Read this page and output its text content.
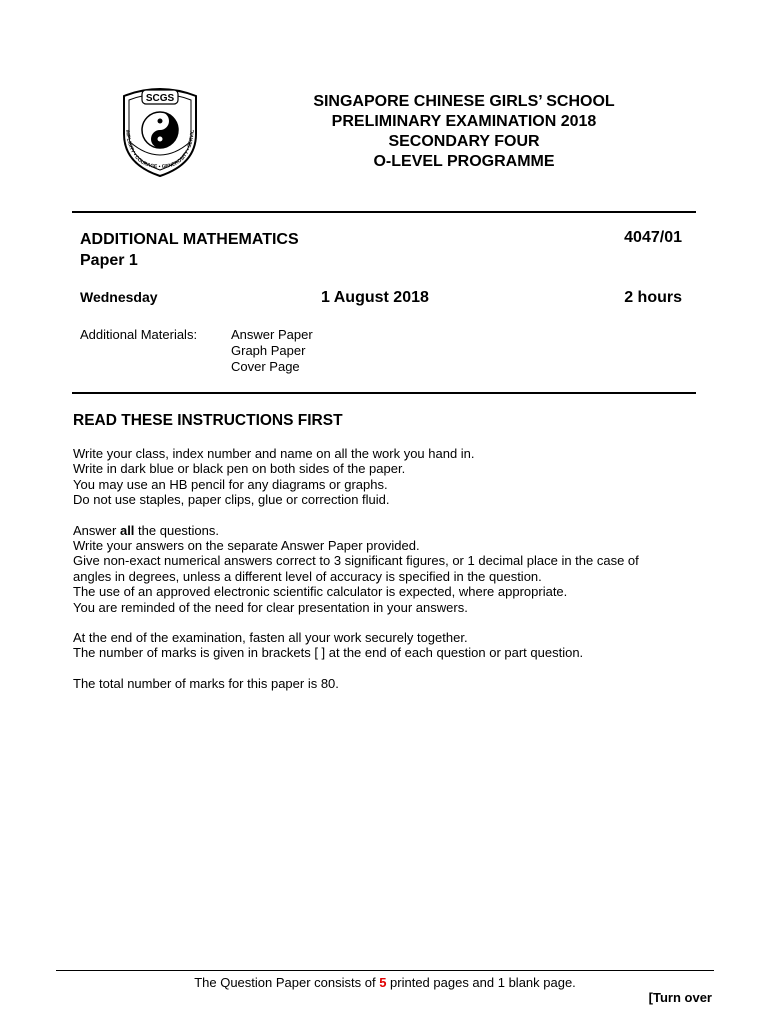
SCGS
IMPLICITY • COURAGE • GENEROSITY • SERVIC
SINGAPORE CHINESE GIRLS’ SCHOOL
PRELIMINARY EXAMINATION 2018
SECONDARY FOUR
O-LEVEL PROGRAMME
ADDITIONAL MATHEMATICS
Paper 1
4047/01
Wednesday	1 August 2018	2 hours
Additional Materials:	Answer Paper
Graph Paper
Cover Page
READ THESE INSTRUCTIONS FIRST
Write your class, index number and name on all the work you hand in.
Write in dark blue or black pen on both sides of the paper.
You may use an HB pencil for any diagrams or graphs.
Do not use staples, paper clips, glue or correction fluid.
Answer all the questions.
Write your answers on the separate Answer Paper provided.
Give non-exact numerical answers correct to 3 significant figures, or 1 decimal place in the case of
angles in degrees, unless a different level of accuracy is specified in the question.
The use of an approved electronic scientific calculator is expected, where appropriate.
You are reminded of the need for clear presentation in your answers.
At the end of the examination, fasten all your work securely together.
The number of marks is given in brackets [ ] at the end of each question or part question.
The total number of marks for this paper is 80.
The Question Paper consists of 5 printed pages and 1 blank page.
[Turn over
